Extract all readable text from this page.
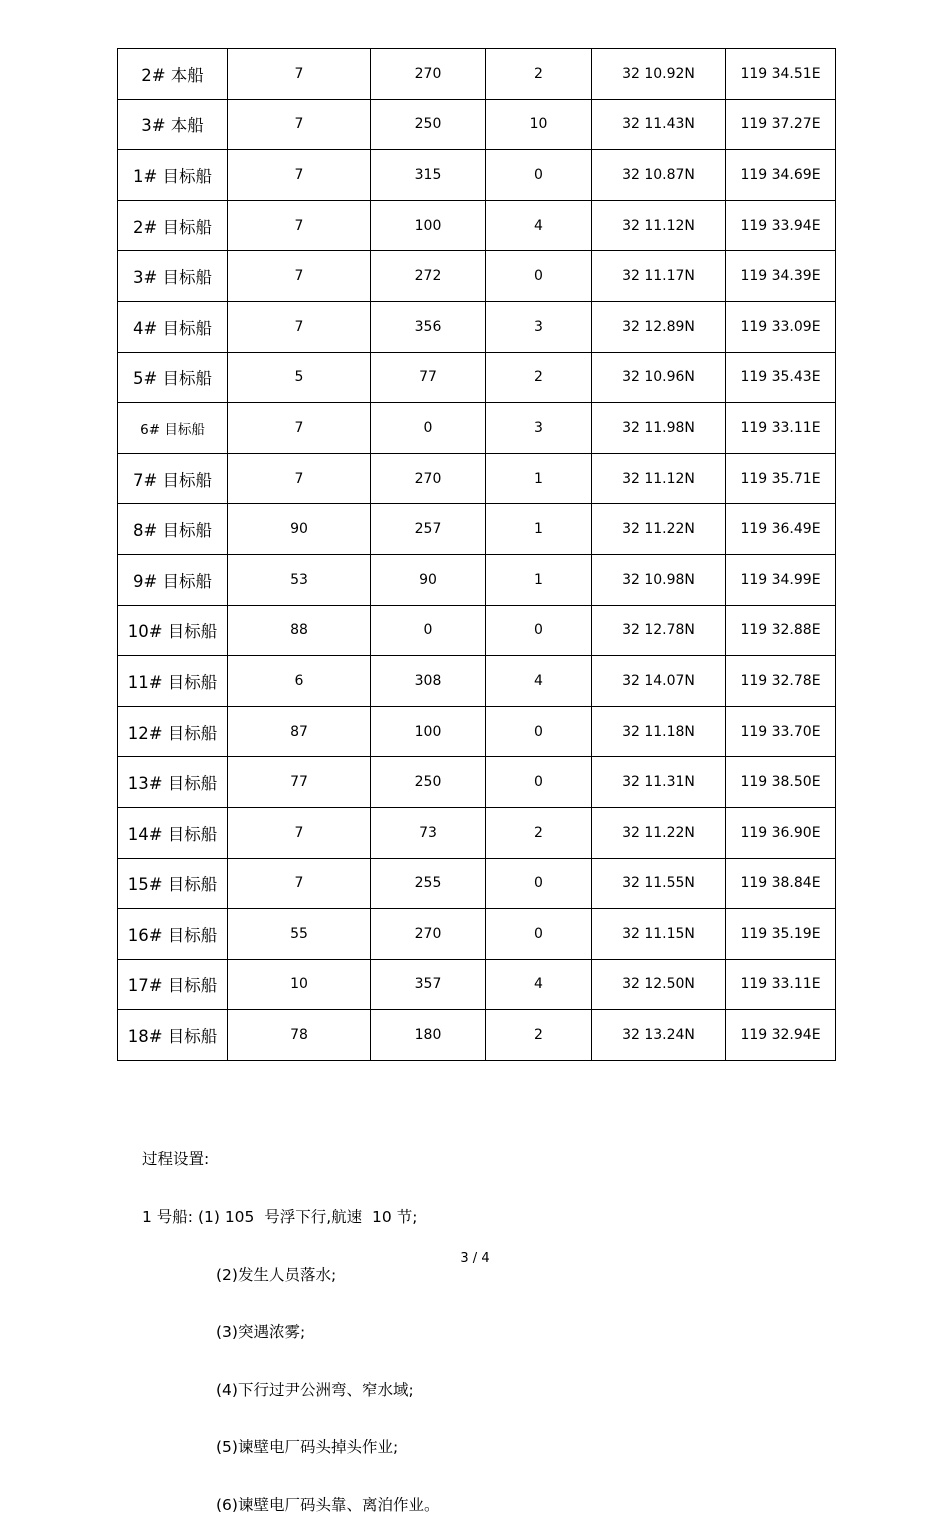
2# 本船	7	270	2	32 10.92N	119 34.51E
3# 本船	7	250	10	32 11.43N	119 37.27E
1# 目标船	7	315	0	32 10.87N	119 34.69E
2# 目标船	7	100	4	32 11.12N	119 33.94E
3# 目标船	7	272	0	32 11.17N	119 34.39E
4# 目标船	7	356	3	32 12.89N	119 33.09E
5# 目标船	5	77	2	32 10.96N	119 35.43E
6# 目标船	7	0	3	32 11.98N	119 33.11E
7# 目标船	7	270	1	32 11.12N	119 35.71E
8# 目标船	90	257	1	32 11.22N	119 36.49E
9# 目标船	53	90	1	32 10.98N	119 34.99E
10# 目标船	88	0	0	32 12.78N	119 32.88E
11# 目标船	6	308	4	32 14.07N	119 32.78E
12# 目标船	87	100	0	32 11.18N	119 33.70E
13# 目标船	77	250	0	32 11.31N	119 38.50E
14# 目标船	7	73	2	32 11.22N	119 36.90E
15# 目标船	7	255	0	32 11.55N	119 38.84E
16# 目标船	55	270	0	32 11.15N	119 35.19E
17# 目标船	10	357	4	32 12.50N	119 33.11E
18# 目标船	78	180	2	32 13.24N	119 32.94E

过程设置:

1 号船: (1) 105  号浮下行,航速  10 节;

(2)发生人员落水;

(3)突遇浓雾;

(4)下行过尹公洲弯、窄水域;

(5)谏壁电厂码头掉头作业;

(6)谏壁电厂码头靠、离泊作业。

3 / 4
